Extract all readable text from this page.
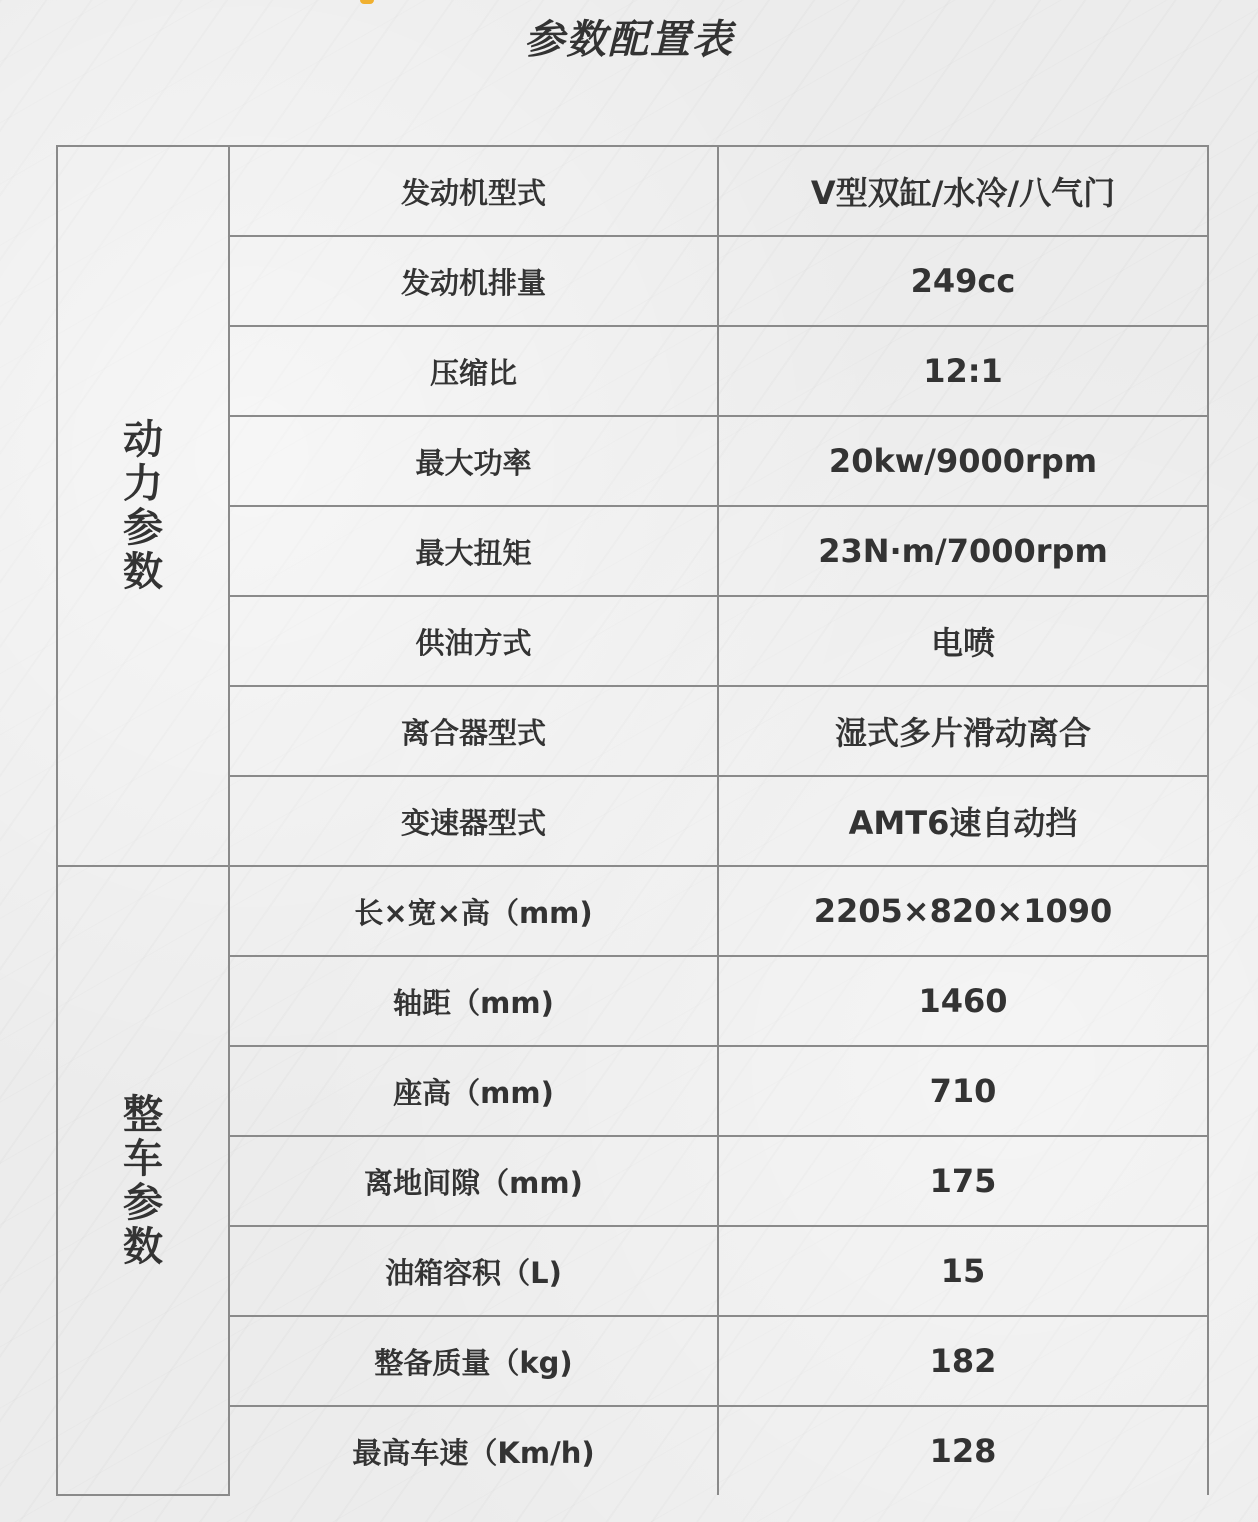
参数配置表
动力参数	发动机型式	V型双缸/水冷/八气门
	发动机排量	249cc
	压缩比	12:1
	最大功率	20kw/9000rpm
	最大扭矩	23N·m/7000rpm
	供油方式	电喷
	离合器型式	湿式多片滑动离合
	变速器型式	AMT6速自动挡
整车参数	长×宽×高（mm)	2205×820×1090
	轴距（mm)	1460
	座高（mm)	710
	离地间隙（mm)	175
	油箱容积（L)	15
	整备质量（kg)	182
	最高车速（Km/h)	128
